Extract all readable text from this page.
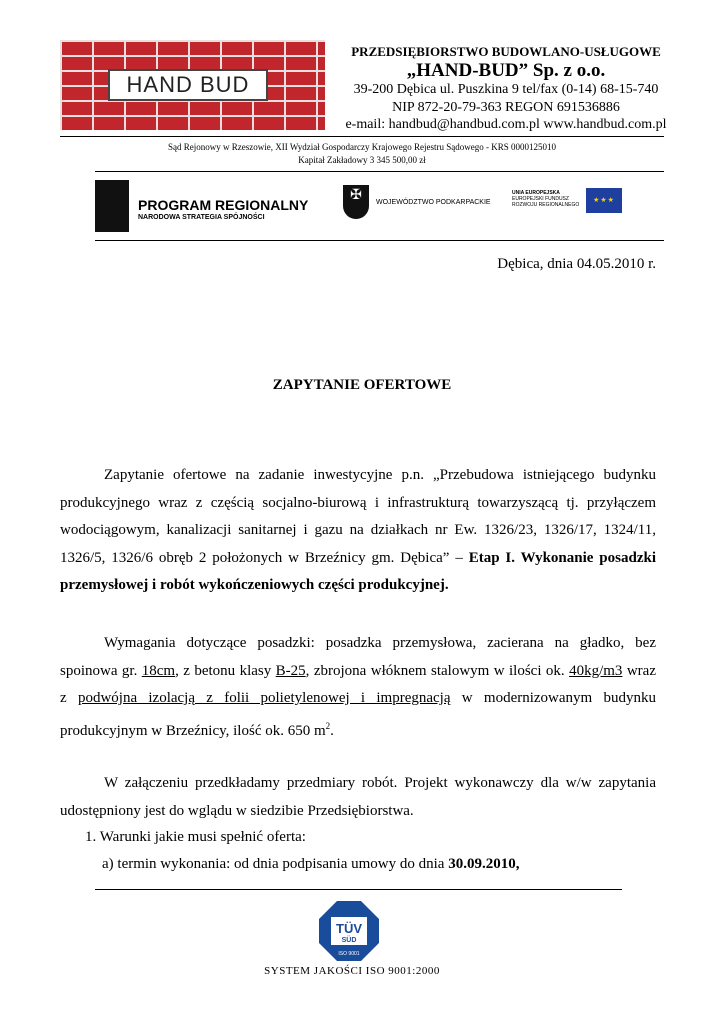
HAND BUD
PRZEDSIĘBIORSTWO BUDOWLANO-USŁUGOWE
„HAND-BUD” Sp. z o.o.
39-200 Dębica ul. Puszkina 9 tel/fax (0-14) 68-15-740
NIP 872-20-79-363 REGON 691536886
e-mail: handbud@handbud.com.pl www.handbud.com.pl
Sąd Rejonowy w Rzeszowie, XII Wydział Gospodarczy Krajowego Rejestru Sądowego - KRS 0000125010
Kapitał Zakładowy 3 345 500,00 zł
PROGRAM REGIONALNY
NARODOWA STRATEGIA SPÓJNOŚCI
✠	WOJEWÓDZTWO PODKARPACKIE
UNIA EUROPEJSKA
EUROPEJSKI FUNDUSZ
ROZWOJU REGIONALNEGO
★★★
Dębica, dnia 04.05.2010 r.
ZAPYTANIE OFERTOWE
Zapytanie ofertowe na zadanie inwestycyjne p.n. „Przebudowa istniejącego budynku produkcyjnego wraz z częścią socjalno-biurową i infrastrukturą towarzyszącą tj. przyłączem wodociągowym, kanalizacji sanitarnej i gazu na działkach nr Ew. 1326/23, 1326/17, 1324/11, 1326/5, 1326/6 obręb 2 położonych w Brzeźnicy gm. Dębica” – Etap I. Wykonanie posadzki przemysłowej i robót wykończeniowych części produkcyjnej.
Wymagania dotyczące posadzki: posadzka przemysłowa, zacierana na gładko, bez spoinowa gr. 18cm, z betonu klasy B-25, zbrojona włóknem stalowym w ilości ok. 40kg/m3 wraz z podwójna izolacją z folii polietylenowej i impregnacją w modernizowanym budynku produkcyjnym w Brzeźnicy, ilość ok. 650 $m^2$.
W załączeniu przedkładamy przedmiary robót. Projekt wykonawczy dla w/w zapytania udostępniony jest do wglądu w siedzibie Przedsiębiorstwa.
1. Warunki jakie musi spełnić oferta:
a) termin wykonania: od dnia podpisania umowy do dnia 30.09.2010,
TÜV
SÜD
ISO 9001
SYSTEM JAKOŚCI ISO 9001:2000
